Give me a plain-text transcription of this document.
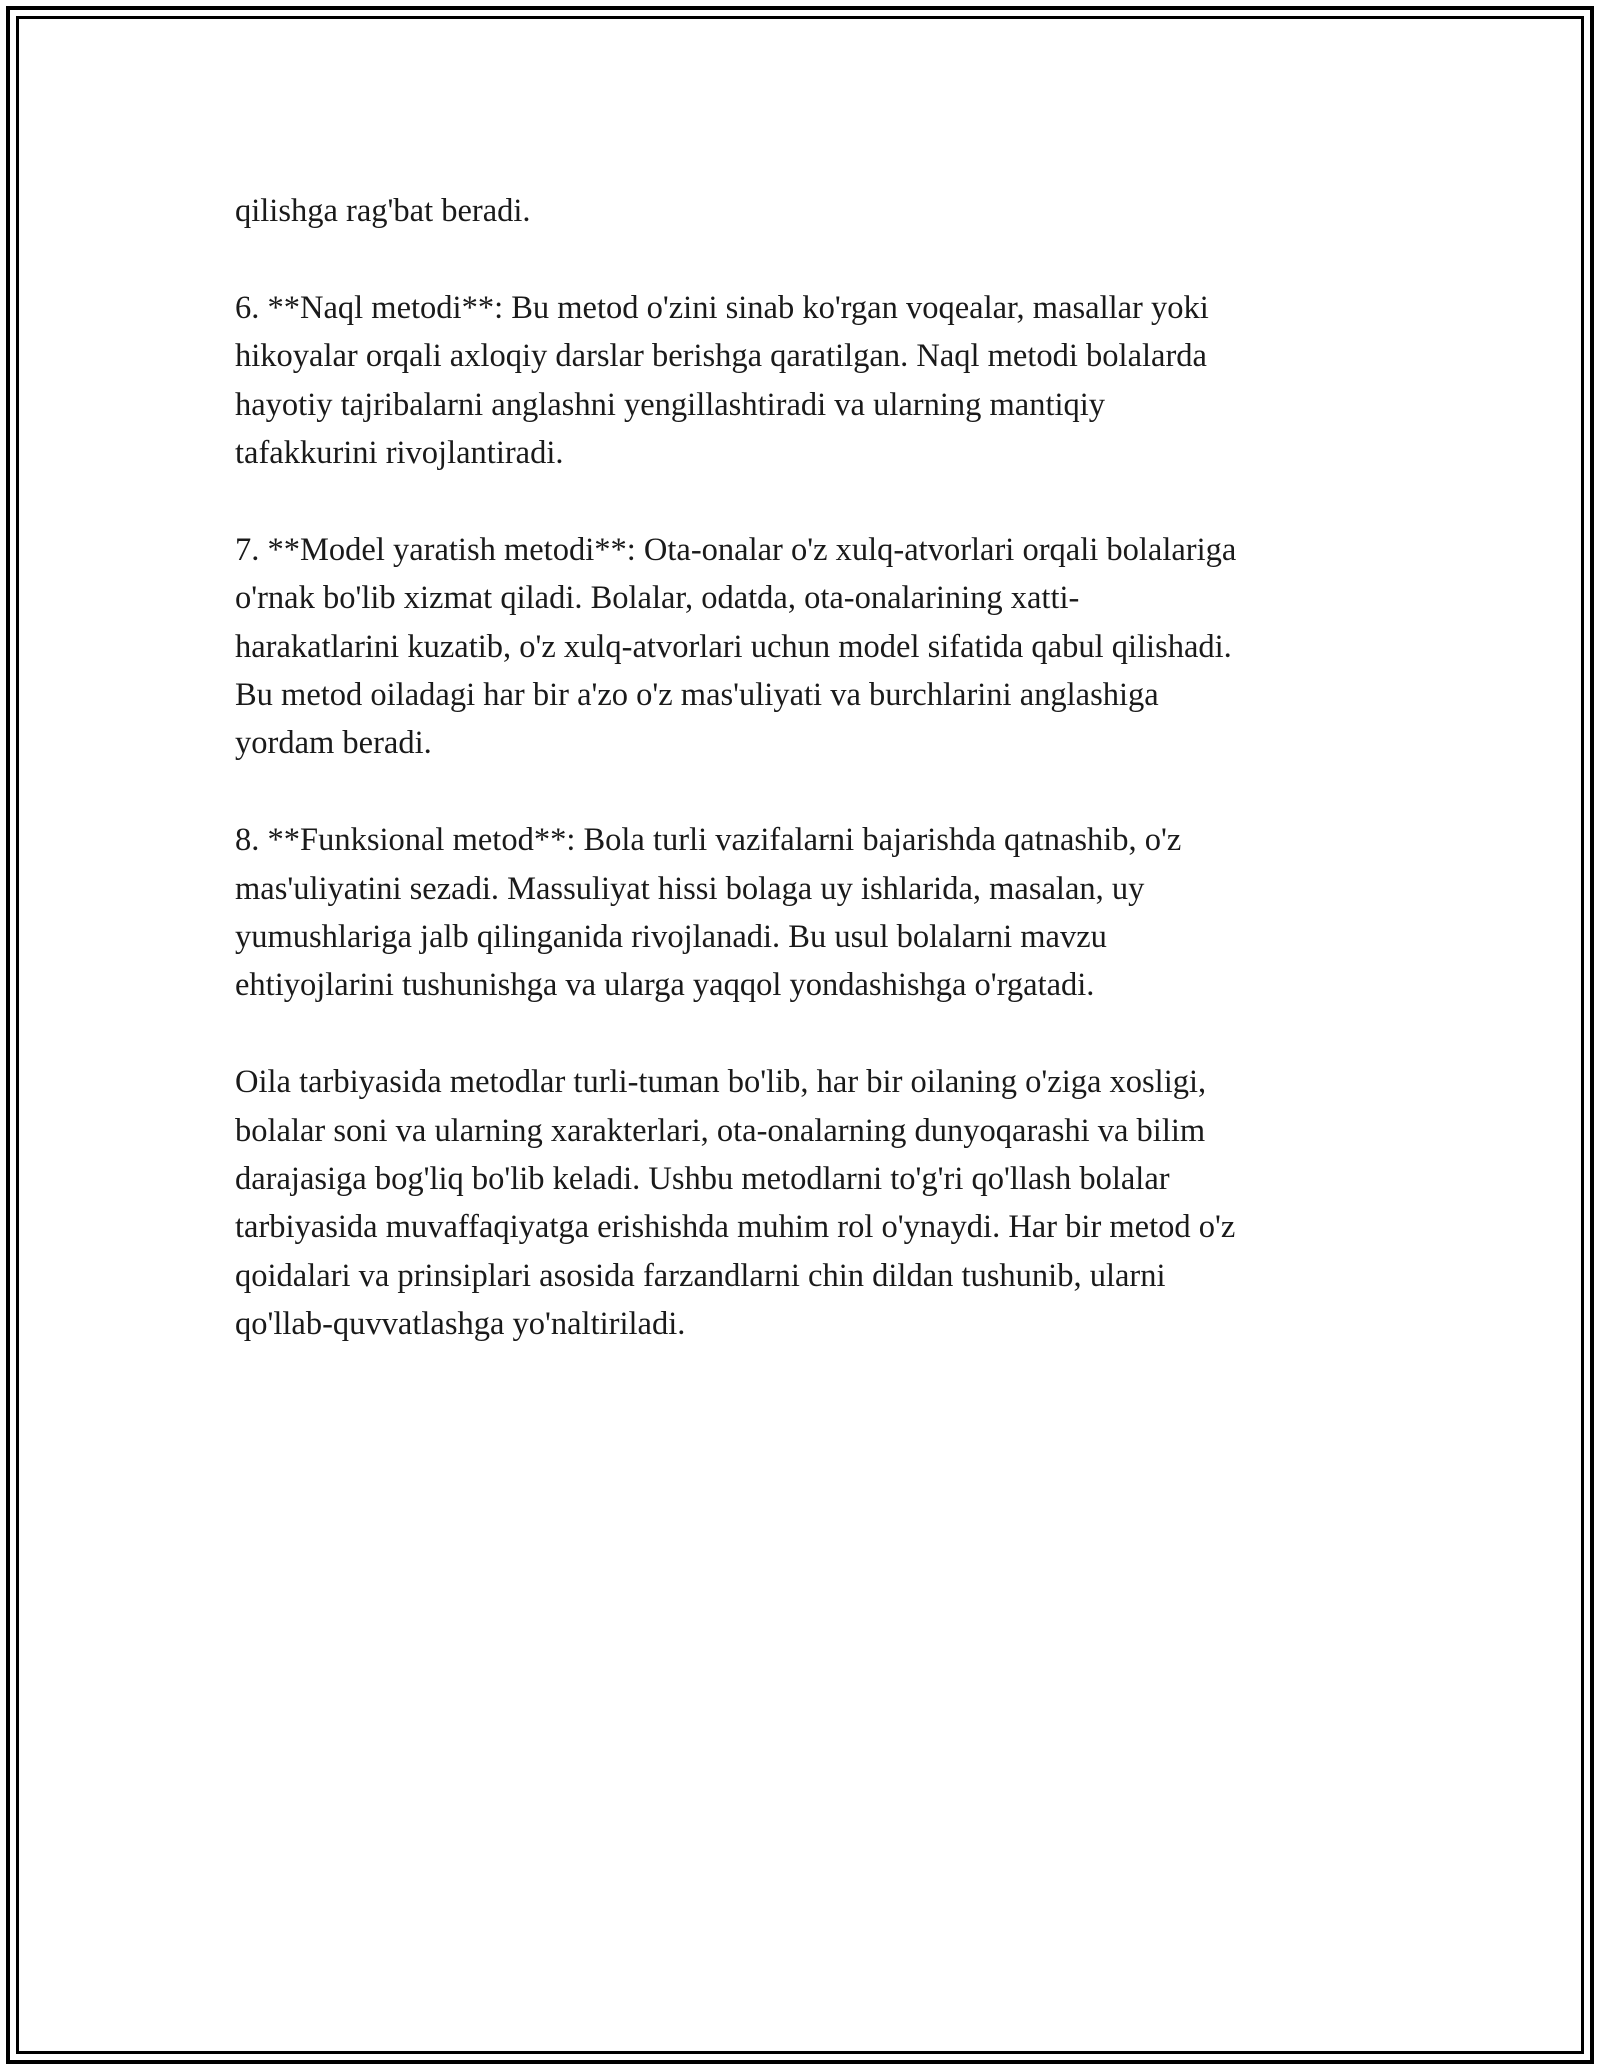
qilishga rag'bat beradi.

6. **Naql metodi**: Bu metod o'zini sinab ko'rgan voqealar, masallar yoki
hikoyalar orqali axloqiy darslar berishga qaratilgan. Naql metodi bolalarda
hayotiy tajribalarni anglashni yengillashtiradi va ularning mantiqiy
tafakkurini rivojlantiradi.

7. **Model yaratish metodi**: Ota-onalar o'z xulq-atvorlari orqali bolalariga
o'rnak bo'lib xizmat qiladi. Bolalar, odatda, ota-onalarining xatti-
harakatlarini kuzatib, o'z xulq-atvorlari uchun model sifatida qabul qilishadi.
Bu metod oiladagi har bir a'zo o'z mas'uliyati va burchlarini anglashiga
yordam beradi.

8. **Funksional metod**: Bola turli vazifalarni bajarishda qatnashib, o'z
mas'uliyatini sezadi. Massuliyat hissi bolaga uy ishlarida, masalan, uy
yumushlariga jalb qilinganida rivojlanadi. Bu usul bolalarni mavzu
ehtiyojlarini tushunishga va ularga yaqqol yondashishga o'rgatadi.

Oila tarbiyasida metodlar turli-tuman bo'lib, har bir oilaning o'ziga xosligi,
bolalar soni va ularning xarakterlari, ota-onalarning dunyoqarashi va bilim
darajasiga bog'liq bo'lib keladi. Ushbu metodlarni to'g'ri qo'llash bolalar
tarbiyasida muvaffaqiyatga erishishda muhim rol o'ynaydi. Har bir metod o'z
qoidalari va prinsiplari asosida farzandlarni chin dildan tushunib, ularni
qo'llab-quvvatlashga yo'naltiriladi.
